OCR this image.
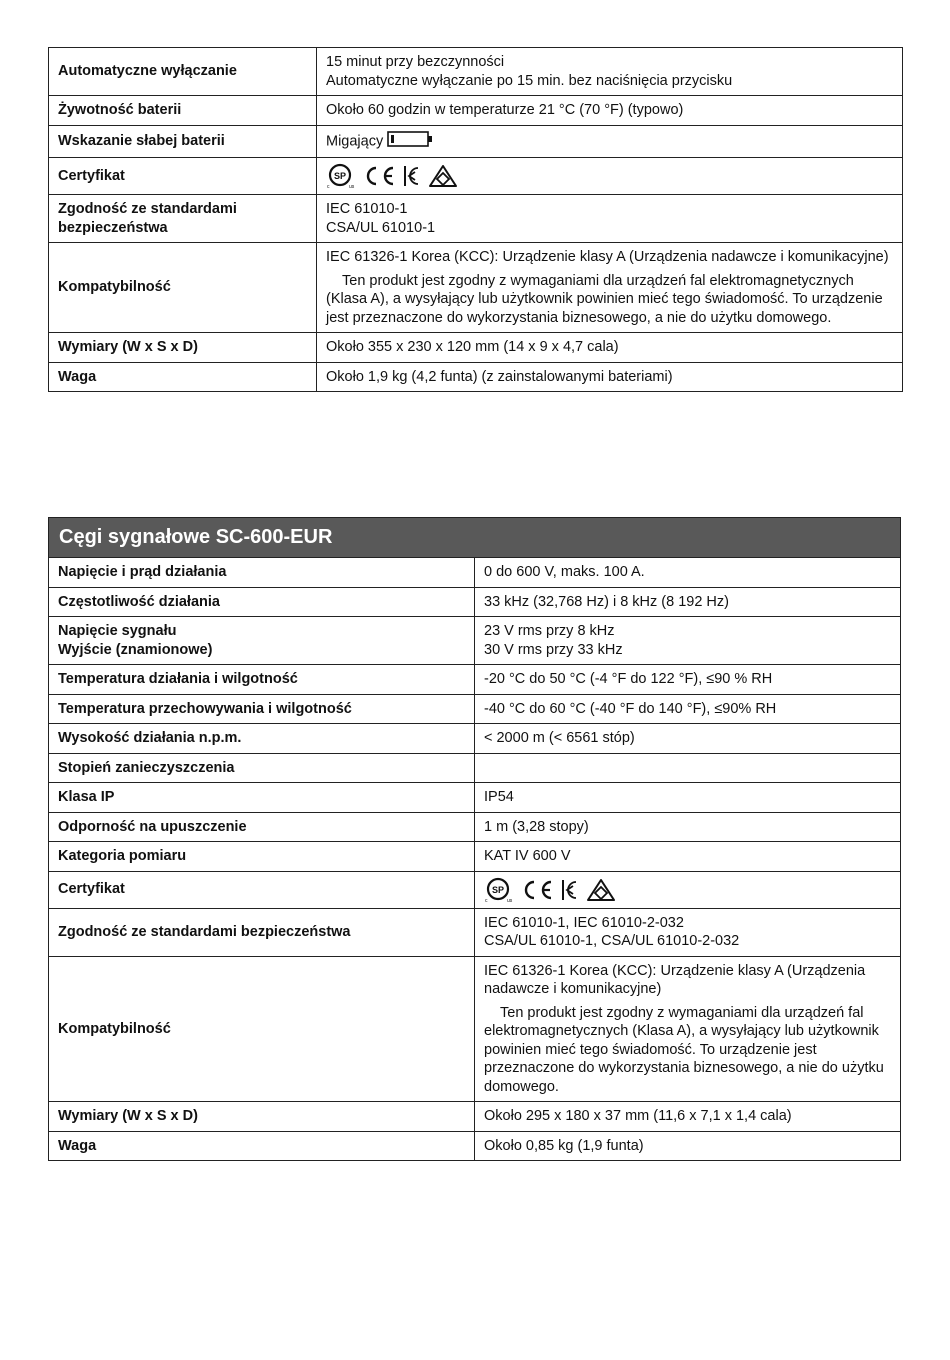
Automatyczne wyłączanie	15 minut przy bezczynności
Automatyczne wyłączanie po 15 min. bez naciśnięcia przycisku

Żywotność baterii	Około 60 godzin w temperaturze 21 °C (70 °F) (typowo)

Wskazanie słabej baterii	Migający

Certyfikat	SP
c us

Zgodność ze standardami bezpieczeństwa	IEC 61010-1
CSA/UL 61010-1

Kompatybilność	IEC 61326-1 Korea (KCC): Urządzenie klasy A (Urządzenia nadawcze i komunikacyjne)
Ten produkt jest zgodny z wymaganiami dla urządzeń fal elektromagnetycznych (Klasa A), a wysyłający lub użytkownik powinien mieć tego świadomość. To urządzenie jest przeznaczone do wykorzystania biznesowego, a nie do użytku domowego.

Wymiary (W x S x D)	Około 355 x 230 x 120 mm (14 x 9 x 4,7 cala)

Waga	Około 1,9 kg (4,2 funta) (z zainstalowanymi bateriami)
Cęgi sygnałowe SC-600-EUR	

Napięcie i prąd działania	0 do 600 V, maks. 100 A.

Częstotliwość działania	33 kHz (32,768 Hz) i 8 kHz (8 192 Hz)

Napięcie sygnału
Wyjście (znamionowe)	23 V rms przy 8 kHz
30 V rms przy 33 kHz

Temperatura działania i wilgotność	-20 °C do 50 °C (-4 °F do 122 °F), ≤90 % RH

Temperatura przechowywania i wilgotność	-40 °C do 60 °C (-40 °F do 140 °F), ≤90% RH

Wysokość działania n.p.m.	< 2000 m (< 6561 stóp)

Stopień zanieczyszczenia	

Klasa IP	IP54

Odporność na upuszczenie	1 m (3,28 stopy)

Kategoria pomiaru	KAT IV 600 V

Certyfikat	SP
c us

Zgodność ze standardami bezpieczeństwa	IEC 61010-1, IEC 61010-2-032
CSA/UL 61010-1, CSA/UL 61010-2-032

Kompatybilność	IEC 61326-1 Korea (KCC): Urządzenie klasy A (Urządzenia nadawcze i komunikacyjne)
Ten produkt jest zgodny z wymaganiami dla urządzeń fal elektromagnetycznych (Klasa A), a wysyłający lub użytkownik powinien mieć tego świadomość. To urządzenie jest przeznaczone do wykorzystania biznesowego, a nie do użytku domowego.

Wymiary (W x S x D)	Około 295 x 180 x 37 mm (11,6 x 7,1 x 1,4 cala)

Waga	Około 0,85 kg (1,9 funta)
